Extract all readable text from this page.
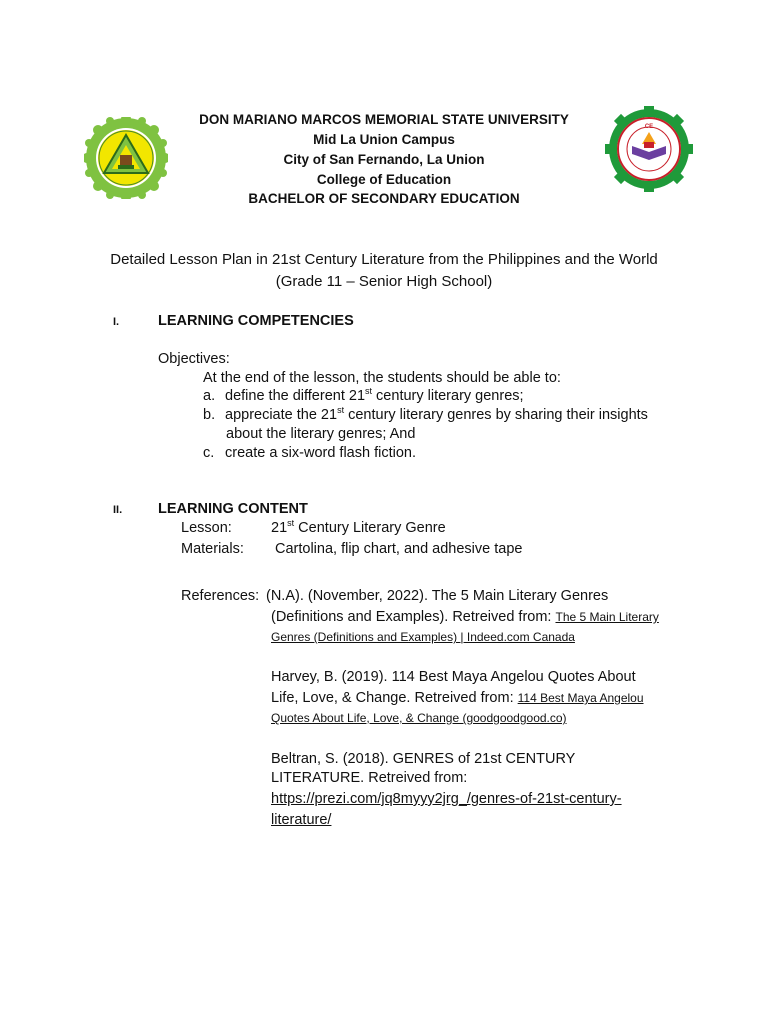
CE
DON MARIANO MARCOS MEMORIAL STATE UNIVERSITY
Mid La Union Campus
City of San Fernando, La Union
College of Education
BACHELOR OF SECONDARY EDUCATION
Detailed Lesson Plan in 21st Century Literature from the Philippines and the World
(Grade 11 – Senior High School)
I.	LEARNING COMPETENCIES
Objectives:
At the end of the lesson, the students should be able to:
a. define the different 21st century literary genres;
b. appreciate the 21st century literary genres by sharing their insights
about the literary genres; And
c. create a six-word flash fiction.
II. LEARNING CONTENT
Lesson:	21st Century Literary Genre
Materials: Cartolina, flip chart, and adhesive tape
References: (N.A). (November, 2022). The 5 Main Literary Genres
(Definitions and Examples). Retreived from: The 5 Main Literary
Genres (Definitions and Examples) | Indeed.com Canada
Harvey, B. (2019). 114 Best Maya Angelou Quotes About
Life, Love, & Change. Retreived from: 114 Best Maya Angelou
Quotes About Life, Love, & Change (goodgoodgood.co)
Beltran, S. (2018). GENRES of 21st CENTURY
LITERATURE. Retreived from:
https://prezi.com/jq8myyy2jrg_/genres-of-21st-century-
literature/
